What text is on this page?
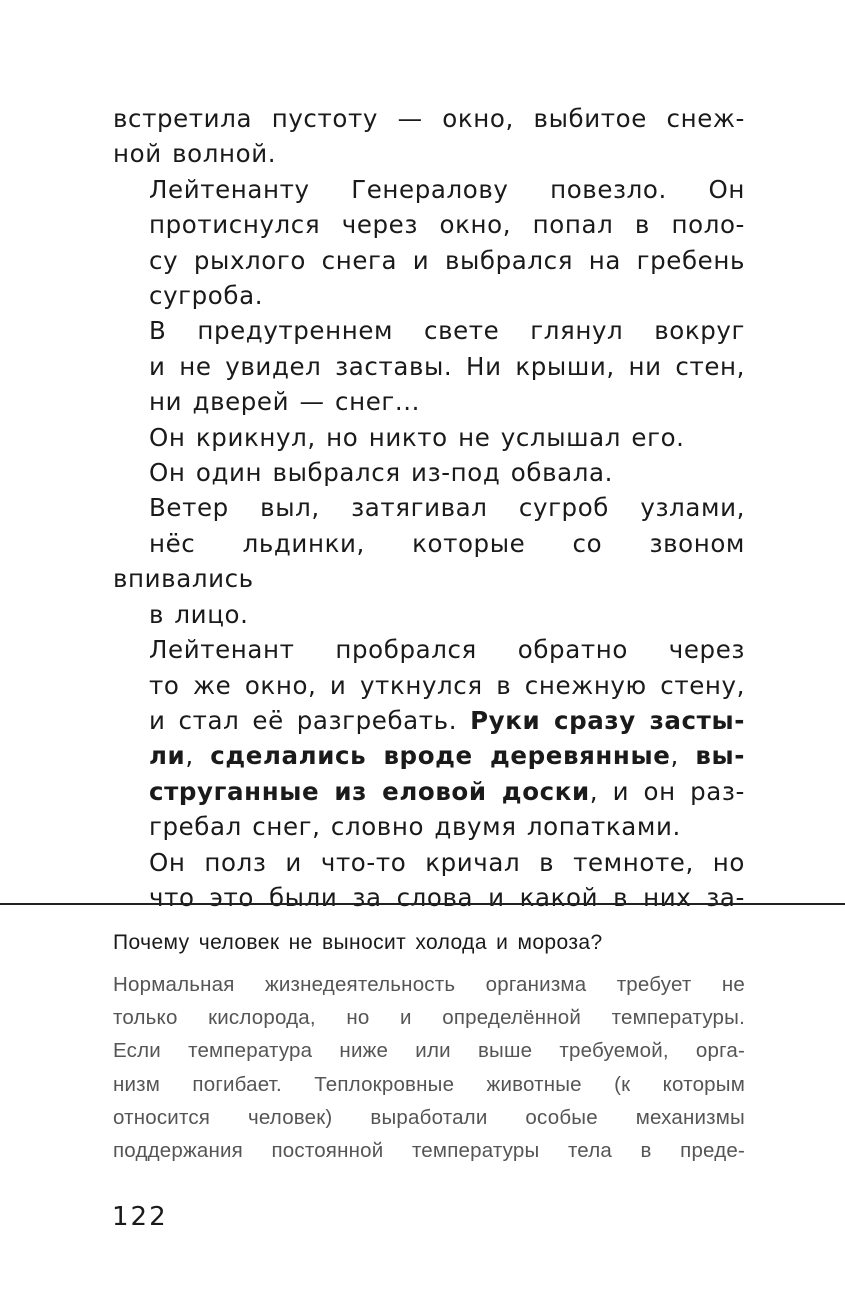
встретила пустоту — окно, выбитое снеж-
ной волной.

Лейтенанту Генералову повезло. Он
протиснулся через окно, попал в поло-
су рыхлого снега и выбрался на гребень
сугроба.

В предутреннем свете глянул вокруг
и не увидел заставы. Ни крыши, ни стен,
ни дверей — снег...

Он крикнул, но никто не услышал его.

Он один выбрался из-под обвала.

Ветер выл, затягивал сугроб узлами,
нёс льдинки, которые со звоном впивались
в лицо.

Лейтенант пробрался обратно через
то же окно, и уткнулся в снежную стену,
и стал её разгребать. Руки сразу засты-
ли, сделались вроде деревянные, вы-
струганные из еловой доски, и он раз-
гребал снег, словно двумя лопатками.

Он полз и что-то кричал в темноте, но
что это были за слова и какой в них за-

Почему человек не выносит холода и мороза?
Нормальная жизнедеятельность организма требует не
только кислорода, но и определённой температуры.
Если температура ниже или выше требуемой, орга-
низм погибает. Теплокровные животные (к которым
относится человек) выработали особые механизмы
поддержания постоянной температуры тела в преде-
122
